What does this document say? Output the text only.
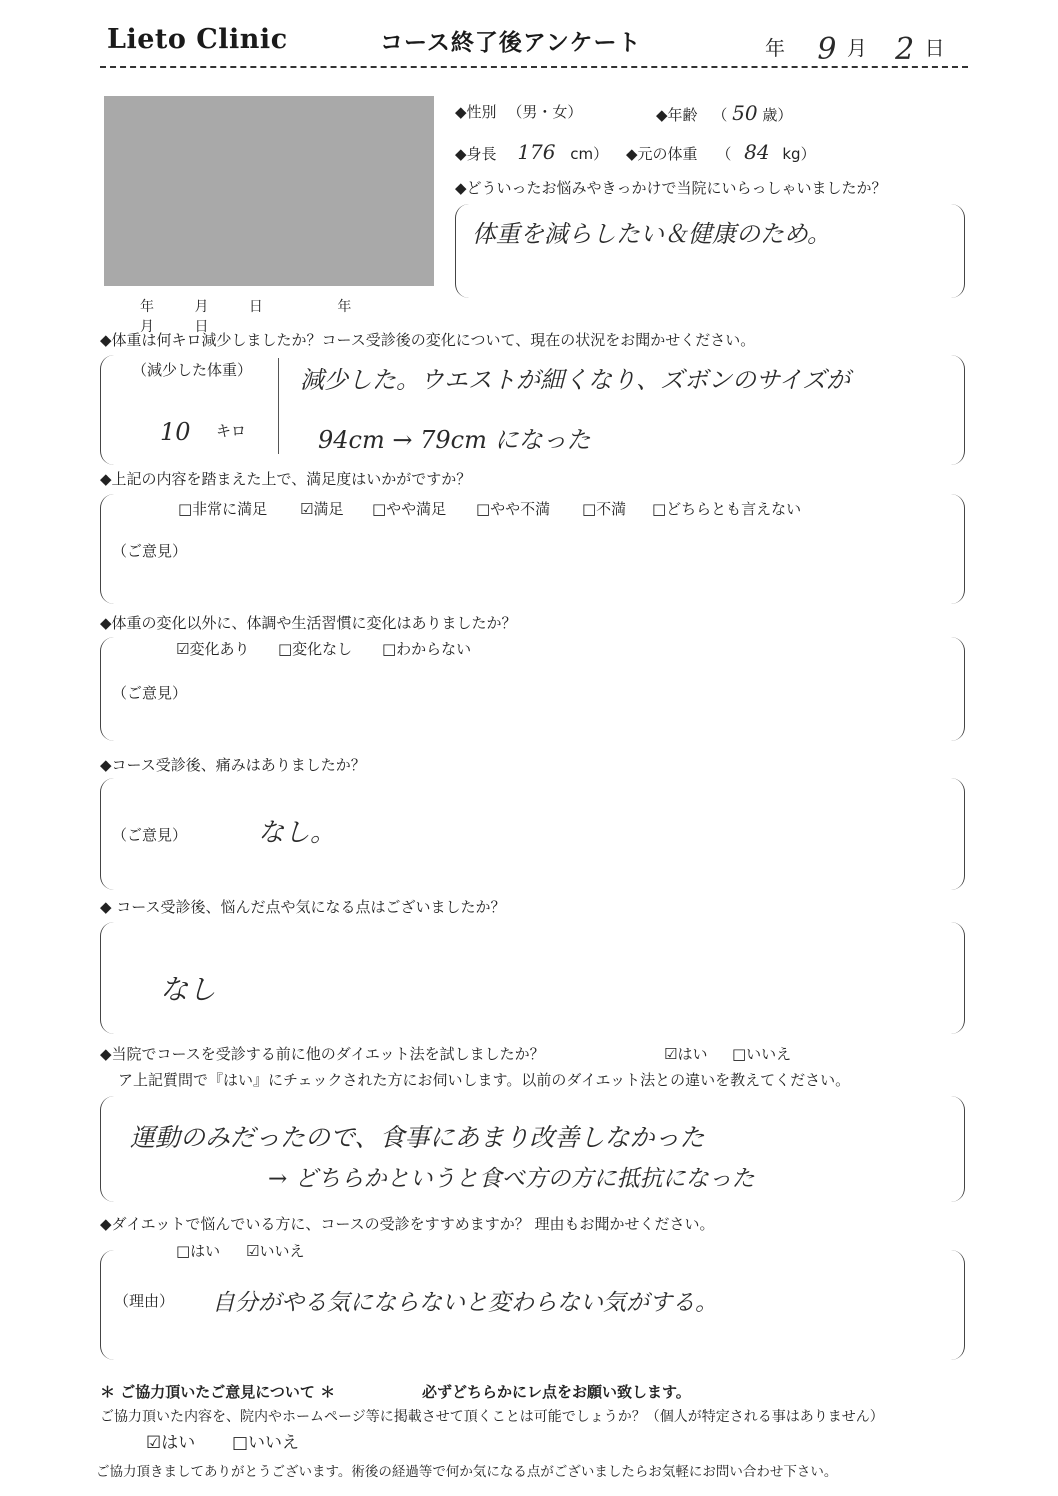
Lieto Clinic	コース終了後アンケート	年 9 月 2 日
年	月	日	年 月	日
◆性別 （男・女）	◆年齢 （ 50 歳）
◆身長 176 cm） ◆元の体重 （ 84 kg）
◆どういったお悩みやきっかけで当院にいらっしゃいましたか？
体重を減らしたい＆健康のため。
◆体重は何キロ減少しましたか？コース受診後の変化について、現在の状況をお聞かせください。
（減少した体重）
10 キロ
減少した。ウエストが細くなり、ズボンのサイズが
94cm → 79cm になった
◆上記の内容を踏まえた上で、満足度はいかがですか？
□非常に満足 ☑満足 □やや満足 □やや不満 □不満 □どちらとも言えない
（ご意見）
◆体重の変化以外に、体調や生活習慣に変化はありましたか？
☑変化あり □変化なし □わからない
（ご意見）
◆コース受診後、痛みはありましたか？
（ご意見）	なし。
◆ コース受診後、悩んだ点や気になる点はございましたか？
なし
◆当院でコースを受診する前に他のダイエット法を試しましたか？	☑はい □いいえ
ア上記質問で『はい』にチェックされた方にお伺いします。以前のダイエット法との違いを教えてください。
運動のみだったので、食事にあまり改善しなかった
→ どちらかというと食べ方の方に抵抗になった
◆ダイエットで悩んでいる方に、コースの受診をすすめますか？ 理由もお聞かせください。
□はい ☑いいえ
（理由） 自分がやる気にならないと変わらない気がする。
＊ ご協力頂いたご意見について ＊	必ずどちらかにレ点をお願い致します。
ご協力頂いた内容を、院内やホームページ等に掲載させて頂くことは可能でしょうか？（個人が特定される事はありません）
☑はい □いいえ
ご協力頂きましてありがとうございます。術後の経過等で何か気になる点がございましたらお気軽にお問い合わせ下さい。
